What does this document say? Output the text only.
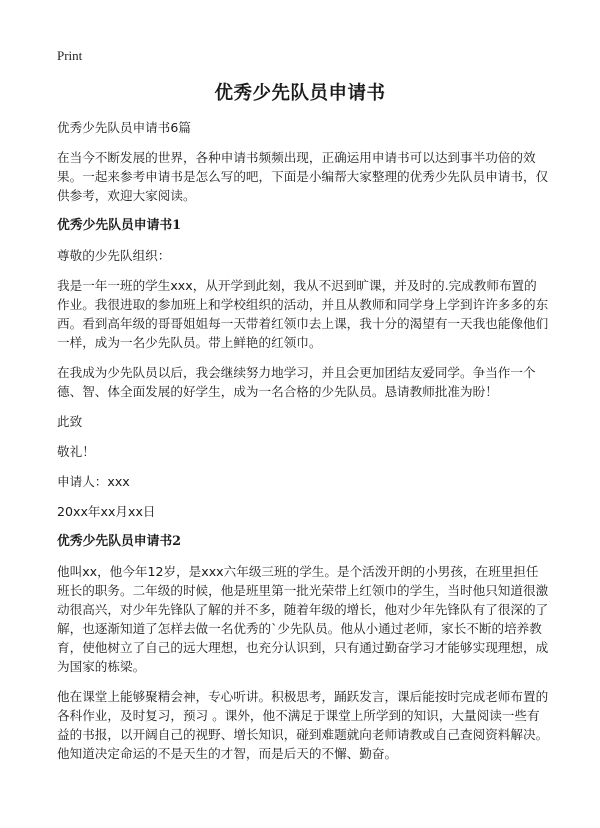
Print
优秀少先队员申请书

优秀少先队员申请书6篇

在当今不断发展的世界，各种申请书频频出现，正确运用申请书可以达到事半功倍的效果。一起来参考申请书是怎么写的吧，下面是小编帮大家整理的优秀少先队员申请书，仅供参考，欢迎大家阅读。

优秀少先队员申请书1

尊敬的少先队组织：

我是一年一班的学生xxx，从开学到此刻，我从不迟到旷课，并及时的.完成教师布置的作业。我很进取的参加班上和学校组织的活动，并且从教师和同学身上学到许许多多的东西。看到高年级的哥哥姐姐每一天带着红领巾去上课，我十分的渴望有一天我也能像他们一样，成为一名少先队员。带上鲜艳的红领巾。

在我成为少先队员以后，我会继续努力地学习，并且会更加团结友爱同学。争当作一个德、智、体全面发展的好学生，成为一名合格的少先队员。恳请教师批准为盼！

此致

敬礼！

申请人：xxx

20xx年xx月xx日

优秀少先队员申请书2

他叫xx，他今年12岁，是xxx六年级三班的学生。是个活泼开朗的小男孩，在班里担任班长的职务。二年级的时候，他是班里第一批光荣带上红领巾的学生，当时他只知道很激动很高兴，对少年先锋队了解的并不多，随着年级的增长，他对少年先锋队有了很深的了解，也逐渐知道了怎样去做一名优秀的`少先队员。他从小通过老师，家长不断的培养教育，使他树立了自己的远大理想，也充分认识到，只有通过勤奋学习才能够实现理想，成为国家的栋梁。

他在课堂上能够聚精会神，专心听讲。积极思考，踊跃发言，课后能按时完成老师布置的各科作业，及时复习，预习 。课外，他不满足于课堂上所学到的知识，大量阅读一些有益的书报，以开阔自己的视野、增长知识，碰到难题就向老师请教或自己查阅资料解决。他知道决定命运的不是天生的才智，而是后天的不懈、勤奋。
